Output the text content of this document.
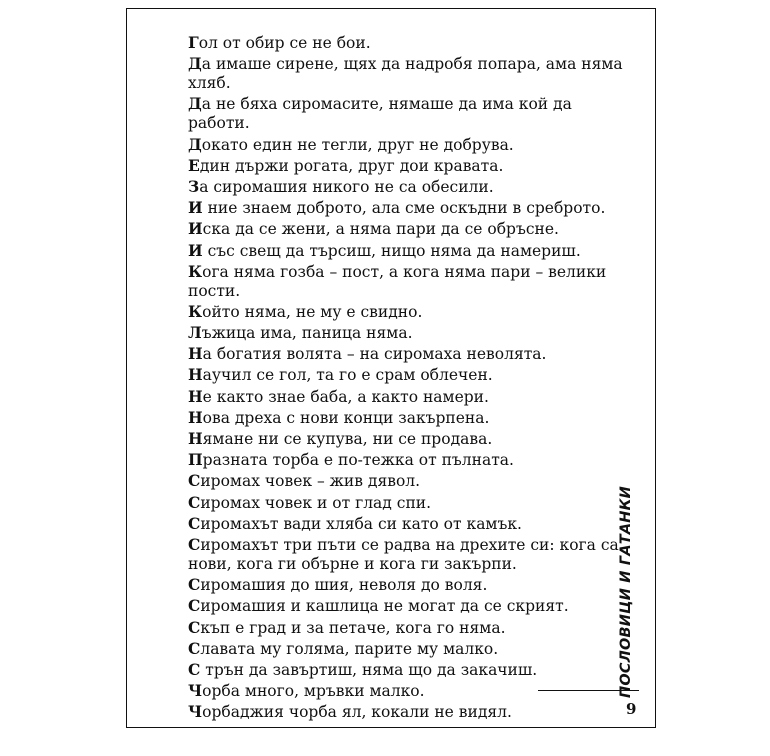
Гол от обир се не бои.
Да имаше сирене, щях да надробя попара, ама няма хляб.
Да не бяха сиромасите, нямаше да има кой да работи.
Докато един не тегли, друг не добрува.
Един държи рогата, друг дои кравата.
За сиромашия никого не са обесили.
И ние знаем доброто, ала сме оскъдни в среброто.
Иска да се жени, а няма пари да се обръсне.
И със свещ да търсиш, нищо няма да намериш.
Кога няма гозба – пост, а кога няма пари – велики пости.
Който няма, не му е свидно.
Лъжица има, паница няма.
На богатия волята – на сиромаха неволята.
Научил се гол, та го е срам облечен.
Не както знае баба, а както намери.
Нова дреха с нови конци закърпена.
Нямане ни се купува, ни се продава.
Празната торба е по-тежка от пълната.
Сиромах човек – жив дявол.
Сиромах човек и от глад спи.
Сиромахът вади хляба си като от камък.
Сиромахът три пъти се радва на дрехите си: кога са нови, кога ги обърне и кога ги закърпи.
Сиромашия до шия, неволя до воля.
Сиромашия и кашлица не могат да се скрият.
Скъп е град и за петаче, кога го няма.
Славата му голяма, парите му малко.
С трън да завъртиш, няма що да закачиш.
Чорба много, мръвки малко.
Чорбаджия чорба ял, кокали не видял.
ПОСЛОВИЦИ И ГАТАНКИ
9
